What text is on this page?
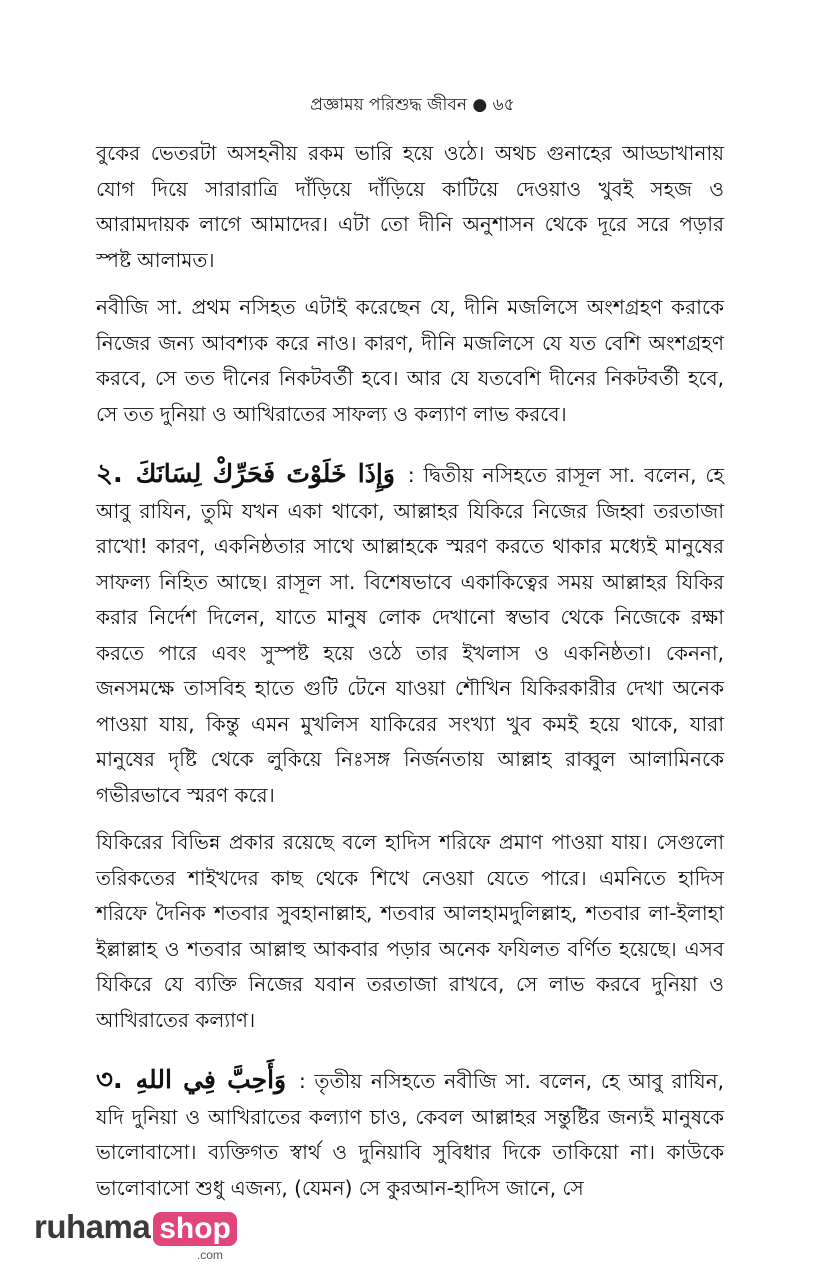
প্রজ্ঞাময় পরিশুদ্ধ জীবন ● ৬৫

বুকের ভেতরটা অসহনীয় রকম ভারি হয়ে ওঠে। অথচ গুনাহের আড্ডাখানায় যোগ দিয়ে সারারাত্রি দাঁড়িয়ে দাঁড়িয়ে কাটিয়ে দেওয়াও খুবই সহজ ও আরামদায়ক লাগে আমাদের। এটা তো দীনি অনুশাসন থেকে দূরে সরে পড়ার স্পষ্ট আলামত।

নবীজি সা. প্রথম নসিহত এটাই করেছেন যে, দীনি মজলিসে অংশগ্রহণ করাকে নিজের জন্য আবশ্যক করে নাও। কারণ, দীনি মজলিসে যে যত বেশি অংশগ্রহণ করবে, সে তত দীনের নিকটবর্তী হবে। আর যে যতবেশি দীনের নিকটবর্তী হবে, সে তত দুনিয়া ও আখিরাতের সাফল্য ও কল্যাণ লাভ করবে।

২. وَإِذَا خَلَوْتَ فَحَرِّكْ لِسَانَكَ : দ্বিতীয় নসিহতে রাসূল সা. বলেন, হে আবু রাযিন, তুমি যখন একা থাকো, আল্লাহর যিকিরে নিজের জিহ্বা তরতাজা রাখো! কারণ, একনিষ্ঠতার সাথে আল্লাহকে স্মরণ করতে থাকার মধ্যেই মানুষের সাফল্য নিহিত আছে। রাসূল সা. বিশেষভাবে একাকিত্বের সময় আল্লাহর যিকির করার নির্দেশ দিলেন, যাতে মানুষ লোক দেখানো স্বভাব থেকে নিজেকে রক্ষা করতে পারে এবং সুস্পষ্ট হয়ে ওঠে তার ইখলাস ও একনিষ্ঠতা। কেননা, জনসমক্ষে তাসবিহ হাতে গুটি টেনে যাওয়া শৌখিন যিকিরকারীর দেখা অনেক পাওয়া যায়, কিন্তু এমন মুখলিস যাকিরের সংখ্যা খুব কমই হয়ে থাকে, যারা মানুষের দৃষ্টি থেকে লুকিয়ে নিঃসঙ্গ নির্জনতায় আল্লাহ রাব্বুল আলামিনকে গভীরভাবে স্মরণ করে।

যিকিরের বিভিন্ন প্রকার রয়েছে বলে হাদিস শরিফে প্রমাণ পাওয়া যায়। সেগুলো তরিকতের শাইখদের কাছ থেকে শিখে নেওয়া যেতে পারে। এমনিতে হাদিস শরিফে দৈনিক শতবার সুবহানাল্লাহ, শতবার আলহামদুলিল্লাহ, শতবার লা-ইলাহা ইল্লাল্লাহ ও শতবার আল্লাহু আকবার পড়ার অনেক ফযিলত বর্ণিত হয়েছে। এসব যিকিরে যে ব্যক্তি নিজের যবান তরতাজা রাখবে, সে লাভ করবে দুনিয়া ও আখিরাতের কল্যাণ।

৩. وَأَحِبَّ فِي اللهِ : তৃতীয় নসিহতে নবীজি সা. বলেন, হে আবু রাযিন, যদি দুনিয়া ও আখিরাতের কল্যাণ চাও, কেবল আল্লাহর সন্তুষ্টির জন্যই মানুষকে ভালোবাসো। ব্যক্তিগত স্বার্থ ও দুনিয়াবি সুবিধার দিকে তাকিয়ো না। কাউকে ভালোবাসো শুধু এজন্য, (যেমন) সে কুরআন-হাদিস জানে, সে

ruhama shop
.com
